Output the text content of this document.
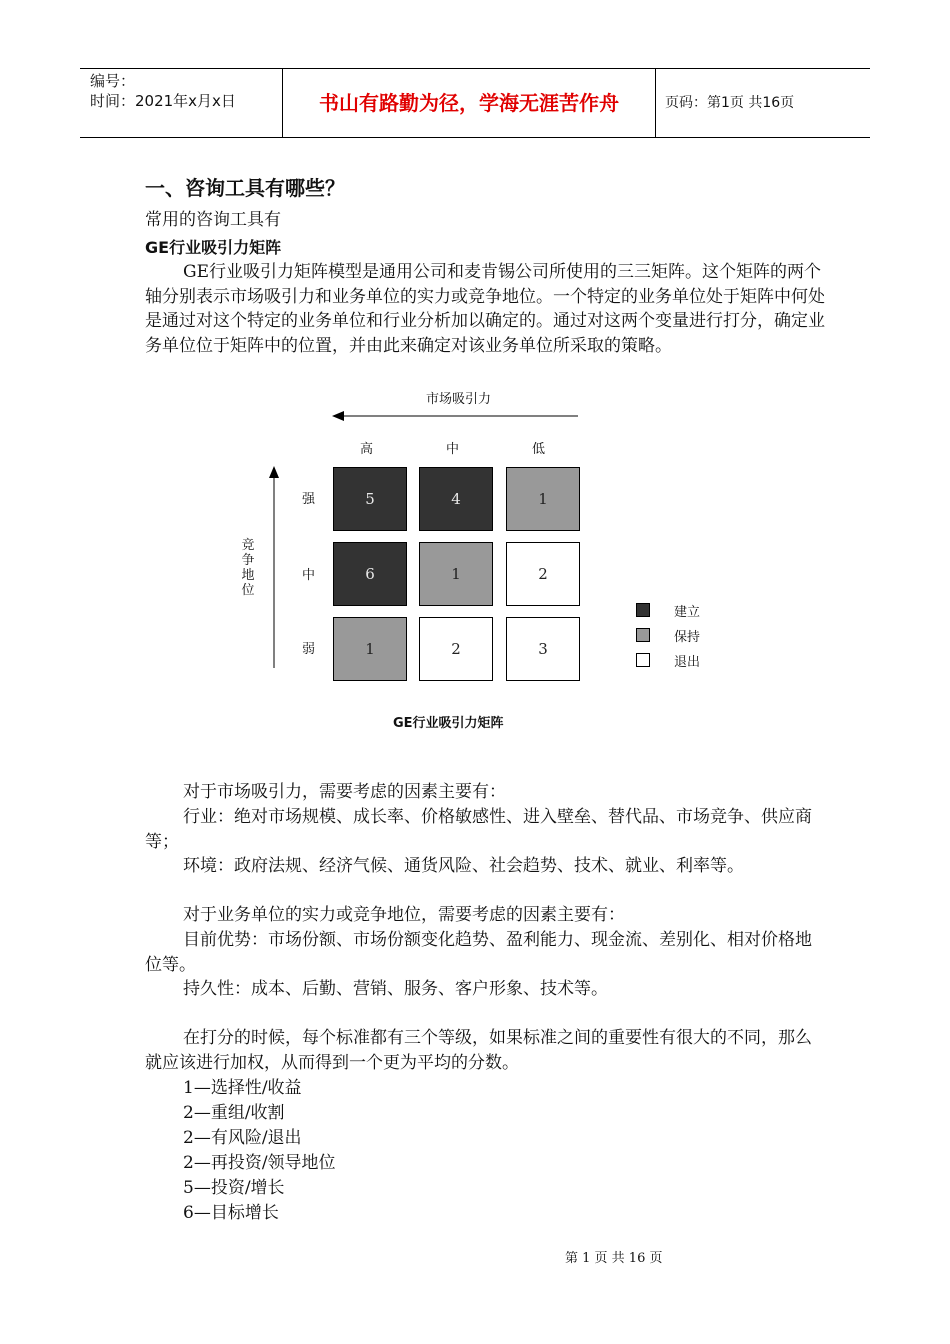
编号：
时间：2021年x月x日	书山有路勤为径，学海无涯苦作舟	页码：第1页 共16页
一、咨询工具有哪些？
常用的咨询工具有
GE行业吸引力矩阵
GE行业吸引力矩阵模型是通用公司和麦肯锡公司所使用的三三矩阵。这个矩阵的两个轴分别表示市场吸引力和业务单位的实力或竞争地位。一个特定的业务单位处于矩阵中何处是通过对这个特定的业务单位和行业分析加以确定的。通过对这两个变量进行打分，确定业务单位位于矩阵中的位置，并由此来确定对该业务单位所采取的策略。
市场吸引力
高	中	低
竞争地位
强
中
弱
5	4	1
6	1	2
1	2	3
建立
保持
退出
GE行业吸引力矩阵
对于市场吸引力，需要考虑的因素主要有：
行业：绝对市场规模、成长率、价格敏感性、进入壁垒、替代品、市场竞争、供应商等；
环境：政府法规、经济气候、通货风险、社会趋势、技术、就业、利率等。
对于业务单位的实力或竞争地位，需要考虑的因素主要有：
目前优势：市场份额、市场份额变化趋势、盈利能力、现金流、差别化、相对价格地位等。
持久性：成本、后勤、营销、服务、客户形象、技术等。
在打分的时候，每个标准都有三个等级，如果标准之间的重要性有很大的不同，那么就应该进行加权，从而得到一个更为平均的分数。
1—选择性/收益
2—重组/收割
2—有风险/退出
2—再投资/领导地位
5—投资/增长
6—目标增长
第 1 页 共 16 页
